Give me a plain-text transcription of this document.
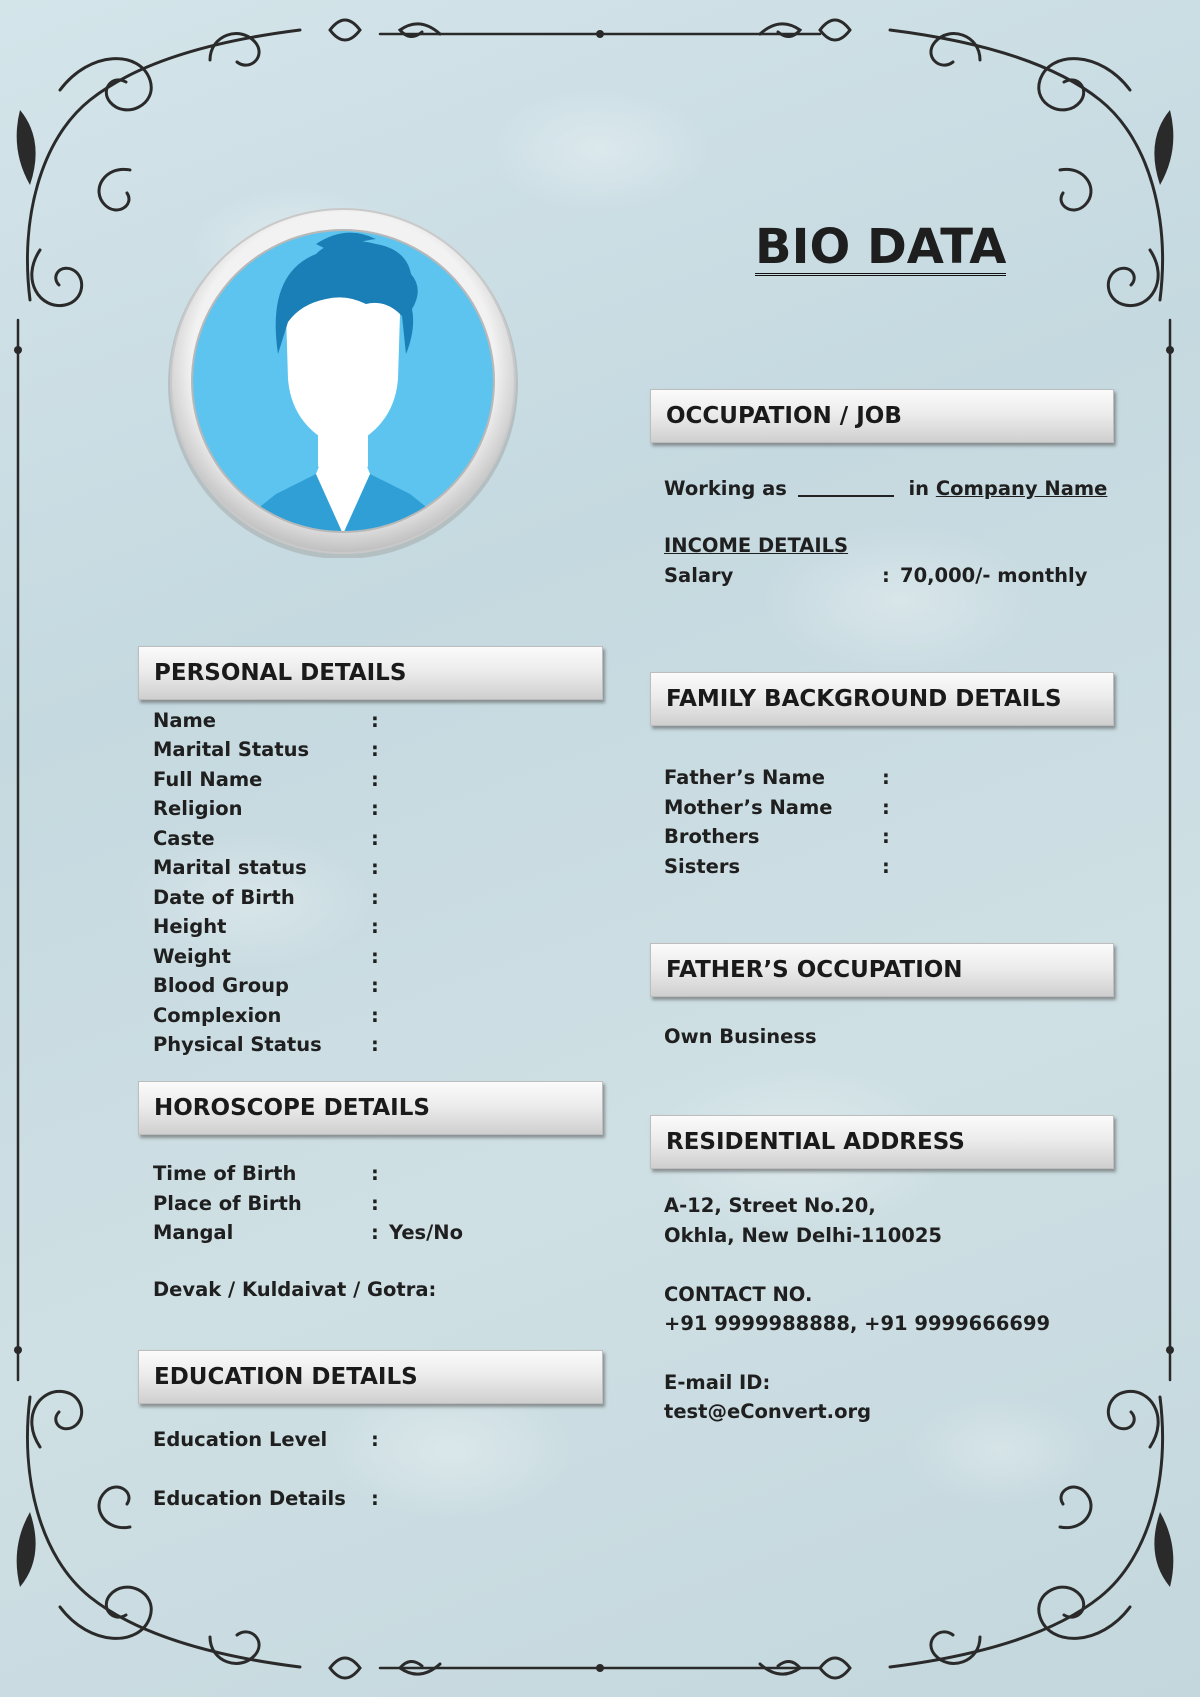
BIO DATA
OCCUPATION / JOB
Working as	in Company Name
INCOME DETAILS
Salary	: 70,000/- monthly
PERSONAL DETAILS
Name	:
Marital Status	:
Full Name	:
Religion	:
Caste	:
Marital status	:
Date of Birth	:
Height	:
Weight	:
Blood Group	:
Complexion	:
Physical Status	:
FAMILY BACKGROUND DETAILS
Father’s Name	:
Mother’s Name	:
Brothers	:
Sisters	:
FATHER’S OCCUPATION
Own Business
HOROSCOPE DETAILS
Time of Birth	:
Place of Birth	:
Mangal	: Yes/No
Devak / Kuldaivat / Gotra:
RESIDENTIAL ADDRESS
A-12, Street No.20,
Okhla, New Delhi-110025
CONTACT NO.
+91 9999988888, +91 9999666699
E-mail ID:
test@eConvert.org
EDUCATION DETAILS
Education Level :
Education Details :
